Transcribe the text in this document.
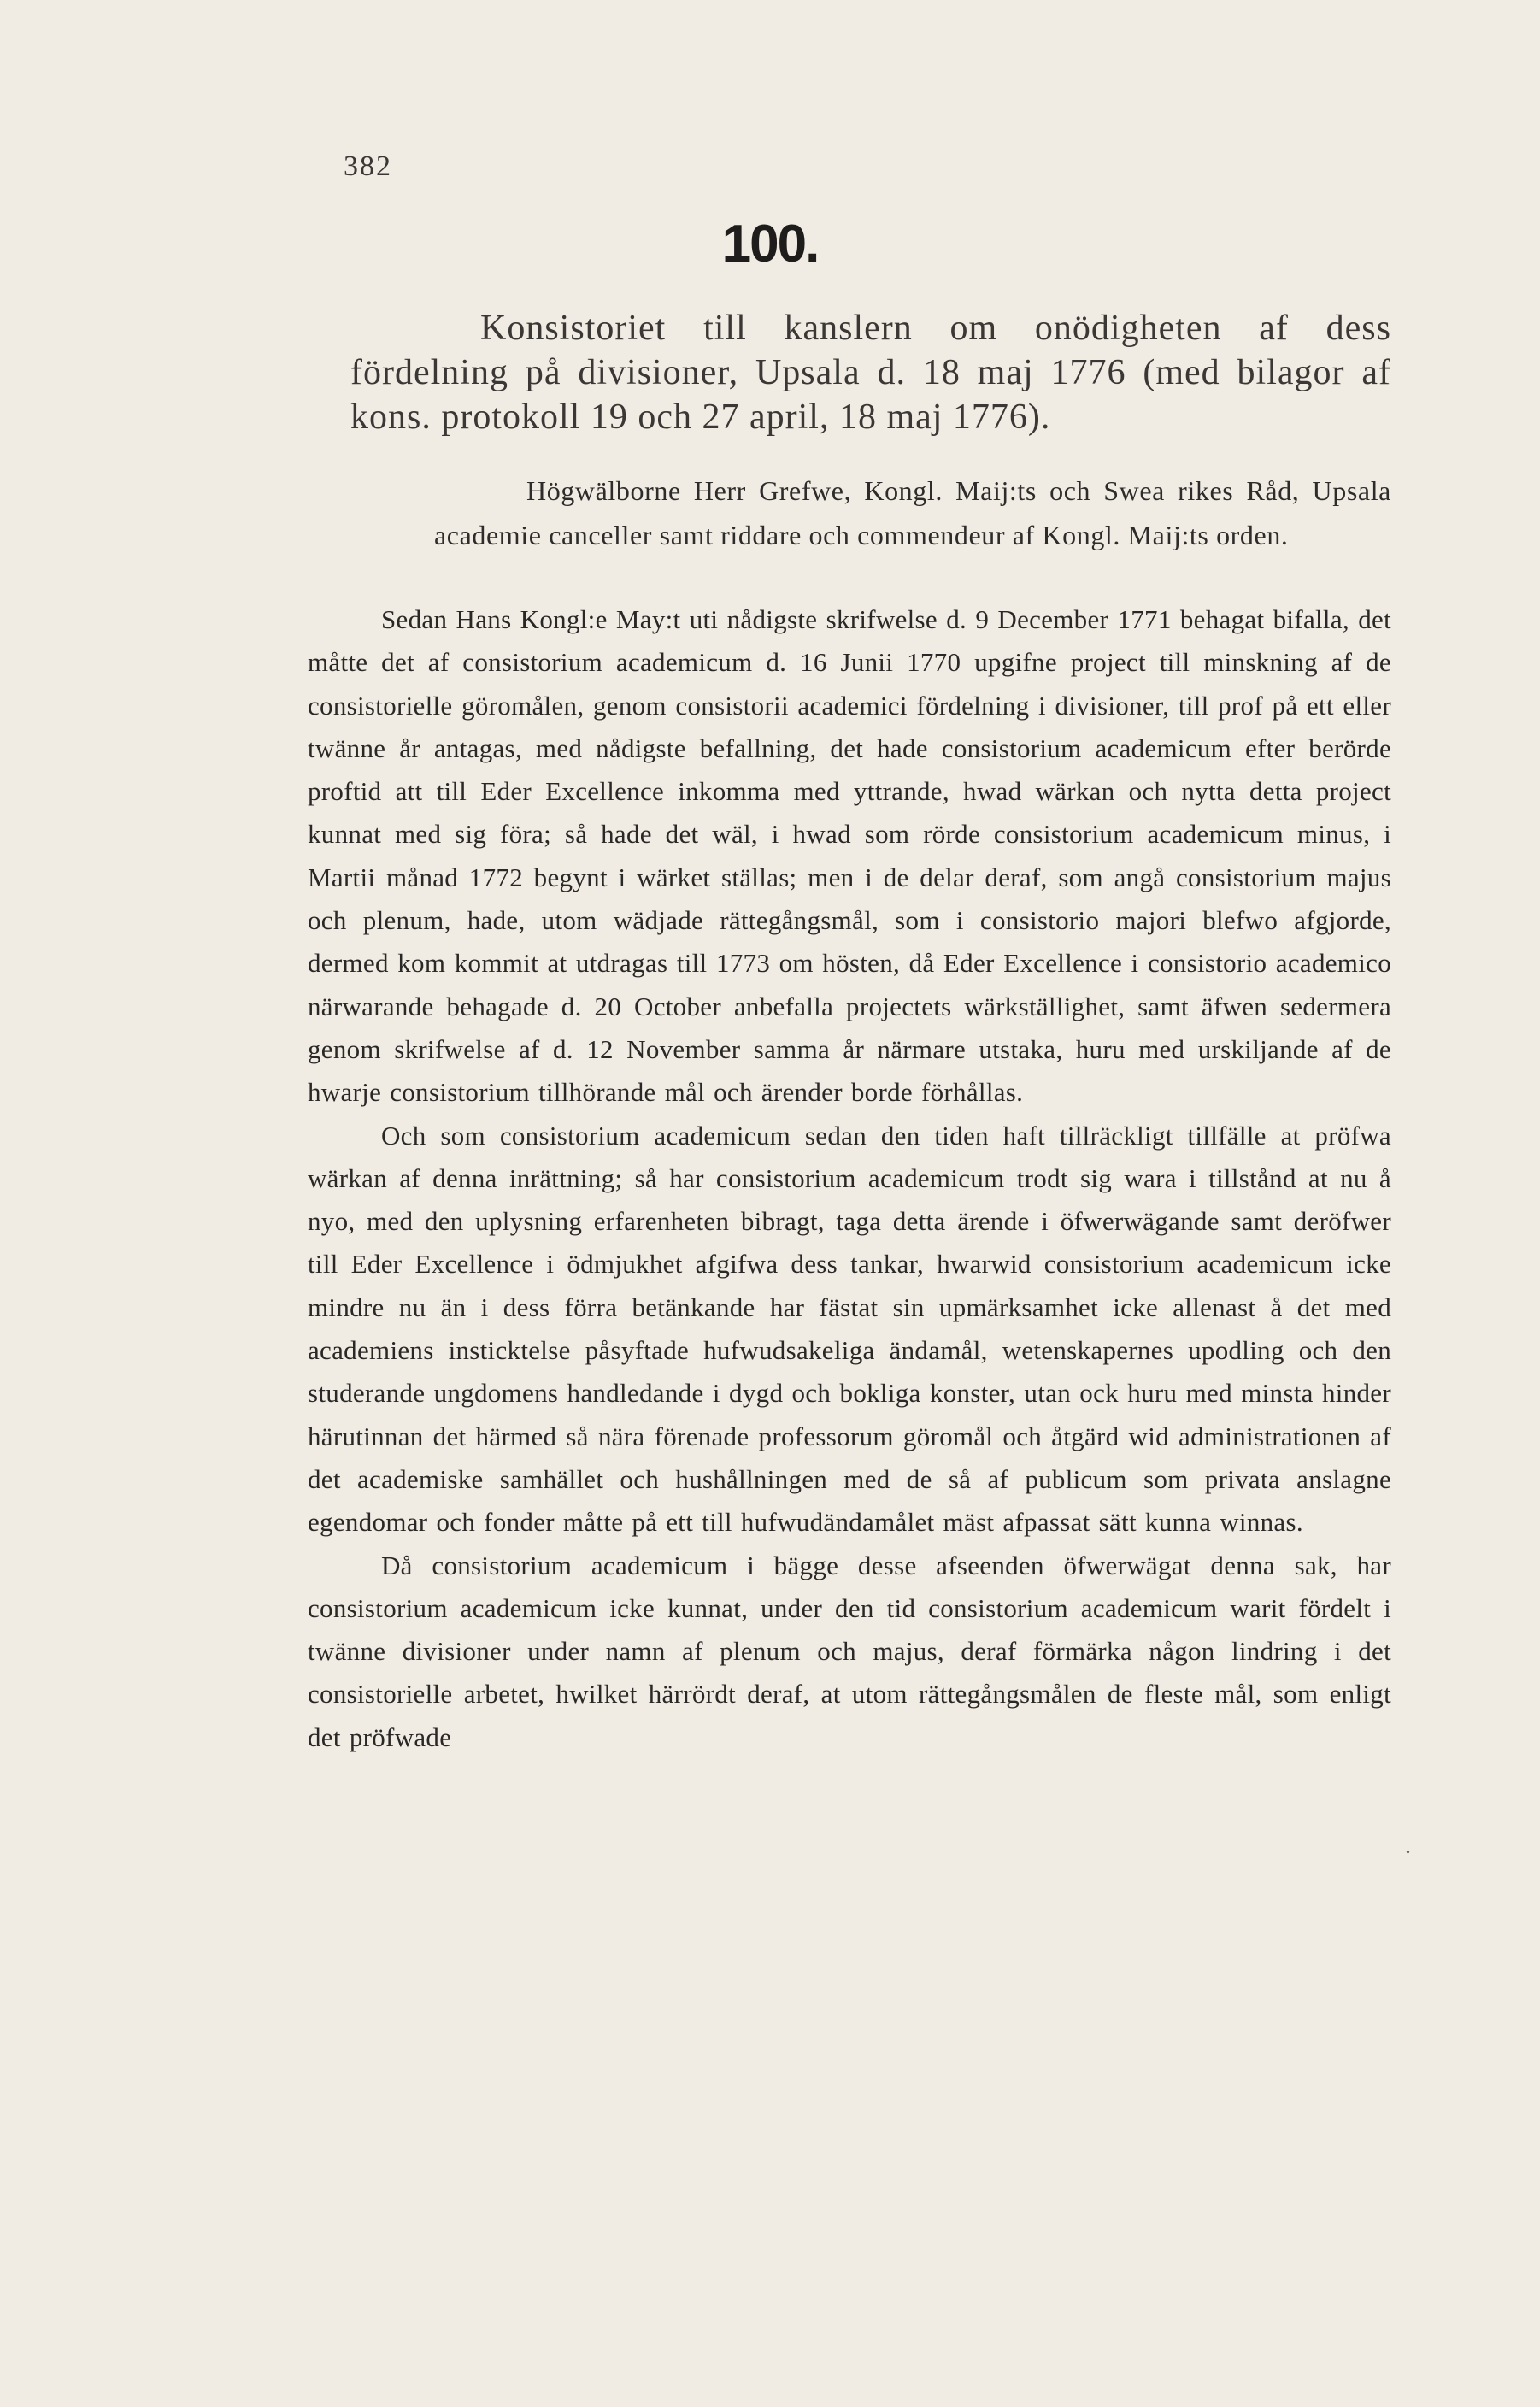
382
100.
Konsistoriet till kanslern om onödigheten af dess fördelning på divisioner, Upsala d. 18 maj 1776 (med bilagor af kons. protokoll 19 och 27 april, 18 maj 1776).
Högwälborne Herr Grefwe, Kongl. Maij:ts och Swea rikes Råd, Upsala academie canceller samt riddare och commendeur af Kongl. Maij:ts orden.

Sedan Hans Kongl:e May:t uti nådigste skrifwelse d. 9 December 1771 behagat bifalla, det måtte det af consistorium academicum d. 16 Junii 1770 upgifne project till minskning af de consistorielle göromålen, genom consistorii academici fördelning i divisioner, till prof på ett eller twänne år antagas, med nådigste befallning, det hade consistorium academicum efter berörde proftid att till Eder Excellence inkomma med yttrande, hwad wärkan och nytta detta project kunnat med sig föra; så hade det wäl, i hwad som rörde consistorium academicum minus, i Martii månad 1772 begynt i wärket ställas; men i de delar deraf, som angå consistorium majus och plenum, hade, utom wädjade rättegångsmål, som i consistorio majori blefwo afgjorde, dermed kom kommit at utdragas till 1773 om hösten, då Eder Excellence i consistorio academico närwarande behagade d. 20 October anbefalla projectets wärkställighet, samt äfwen sedermera genom skrifwelse af d. 12 November samma år närmare utstaka, huru med urskiljande af de hwarje consistorium tillhörande mål och ärender borde förhållas.

Och som consistorium academicum sedan den tiden haft tillräckligt tillfälle at pröfwa wärkan af denna inrättning; så har consistorium academicum trodt sig wara i tillstånd at nu å nyo, med den uplysning erfarenheten bibragt, taga detta ärende i öfwerwägande samt deröfwer till Eder Excellence i ödmjukhet afgifwa dess tankar, hwarwid consistorium academicum icke mindre nu än i dess förra betänkande har fästat sin upmärksamhet icke allenast å det med academiens insticktelse påsyftade hufwudsakeliga ändamål, wetenskapernes upodling och den studerande ungdomens handledande i dygd och bokliga konster, utan ock huru med minsta hinder härutinnan det härmed så nära förenade professorum göromål och åtgärd wid administrationen af det academiske samhället och hushållningen med de så af publicum som privata anslagne egendomar och fonder måtte på ett till hufwudändamålet mäst afpassat sätt kunna winnas.

Då consistorium academicum i bägge desse afseenden öfwerwägat denna sak, har consistorium academicum icke kunnat, under den tid consistorium academicum warit fördelt i twänne divisioner under namn af plenum och majus, deraf förmärka någon lindring i det consistorielle arbetet, hwilket härrördt deraf, at utom rättegångsmålen de fleste mål, som enligt det pröfwade

.
